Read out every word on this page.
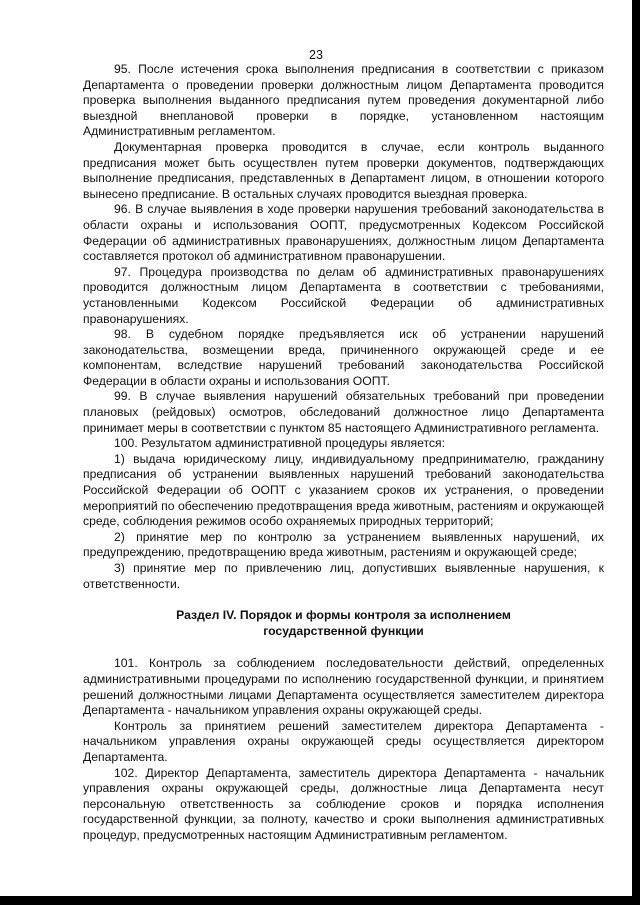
23

95. После истечения срока выполнения предписания в соответствии с приказом Департамента о проведении проверки должностным лицом Департамента проводится проверка выполнения выданного предписания путем проведения документарной либо выездной внеплановой проверки в порядке, установленном настоящим Административным регламентом.

Документарная проверка проводится в случае, если контроль выданного предписания может быть осуществлен путем проверки документов, подтверждающих выполнение предписания, представленных в Департамент лицом, в отношении которого вынесено предписание. В остальных случаях проводится выездная проверка.

96. В случае выявления в ходе проверки нарушения требований законодательства в области охраны и использования ООПТ, предусмотренных Кодексом Российской Федерации об административных правонарушениях, должностным лицом Департамента составляется протокол об административном правонарушении.

97. Процедура производства по делам об административных правонарушениях проводится должностным лицом Департамента в соответствии с требованиями, установленными Кодексом Российской Федерации об административных правонарушениях.

98. В судебном порядке предъявляется иск об устранении нарушений законодательства, возмещении вреда, причиненного окружающей среде и ее компонентам, вследствие нарушений требований законодательства Российской Федерации в области охраны и использования ООПТ.

99. В случае выявления нарушений обязательных требований при проведении плановых (рейдовых) осмотров, обследований должностное лицо Департамента принимает меры в соответствии с пунктом 85 настоящего Административного регламента.

100. Результатом административной процедуры является:

1) выдача юридическому лицу, индивидуальному предпринимателю, гражданину предписания об устранении выявленных нарушений требований законодательства Российской Федерации об ООПТ с указанием сроков их устранения, о проведении мероприятий по обеспечению предотвращения вреда животным, растениям и окружающей среде, соблюдения режимов особо охраняемых природных территорий;

2) принятие мер по контролю за устранением выявленных нарушений, их предупреждению, предотвращению вреда животным, растениям и окружающей среде;

3) принятие мер по привлечению лиц, допустивших выявленные нарушения, к ответственности.

Раздел IV. Порядок и формы контроля за исполнением
государственной функции

101. Контроль за соблюдением последовательности действий, определенных административными процедурами по исполнению государственной функции, и принятием решений должностными лицами Департамента осуществляется заместителем директора Департамента - начальником управления охраны окружающей среды.

Контроль за принятием решений заместителем директора Департамента - начальником управления охраны окружающей среды осуществляется директором Департамента.

102. Директор Департамента, заместитель директора Департамента - начальник управления охраны окружающей среды, должностные лица Департамента несут персональную ответственность за соблюдение сроков и порядка исполнения государственной функции, за полноту, качество и сроки выполнения административных процедур, предусмотренных настоящим Административным регламентом.
